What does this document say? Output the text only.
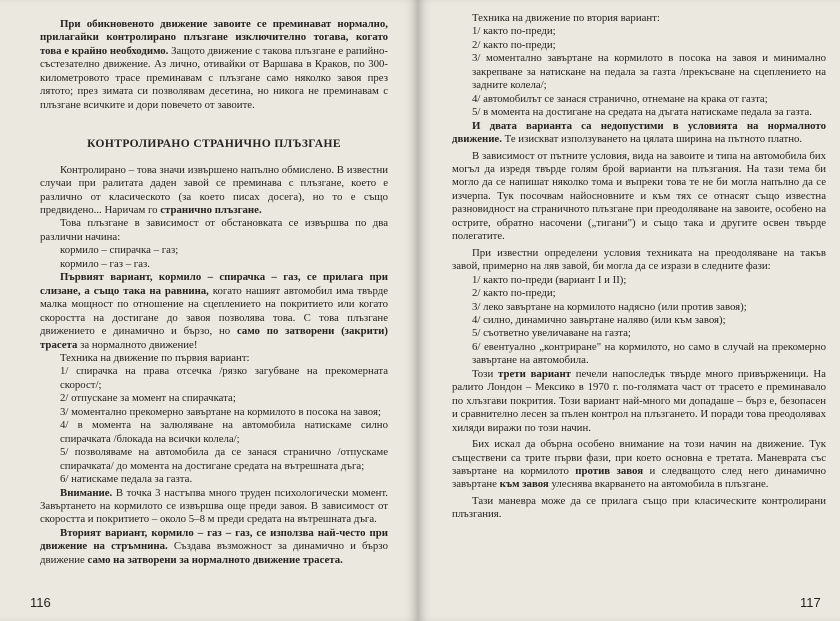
При обикновеното движение завоите се преминават нормално, прилагайки контролирано плъзгане изключително тогава, когато това е крайно необходимо. Защото движение с такова плъзгане е рапийно-състезателно движение. Аз лично, отивайки от Варшава в Краков, по 300-километровото трасе преминавам с плъзгане само няколко завоя през лятото; през зимата си позволявам десетина, но никога не преминавам с плъзгане всичките и дори повечето от завоите.

КОНТРОЛИРАНО СТРАНИЧНО ПЛЪЗГАНЕ

Контролирано – това значи извършено напълно обмислено. В известни случаи при ралитата даден завой се преминава с плъзгане, което е различно от класическото (за което писах досега), но то е също предвидено... Наричам го странично плъзгане.

Това плъзгане в зависимост от обстановката се извършва по два различни начина:

кормило – спирачка – газ;

кормило – газ – газ.

Първият вариант, кормило – спирачка – газ, се прилага при слизане, а също така на равнина, когато нашият автомобил има твърде малка мощност по отношение на сцеплението на покритието или когато скоростта на достигане до завоя позволява това. С това плъзгане движението е динамично и бързо, но само по затворени (закрити) трасета за нормалното движение!

Техника на движение по първия вариант:

1/ спирачка на права отсечка /рязко загубване на прекомерната скорост/;

2/ отпускане за момент на спирачката;

3/ моментално прекомерно завъртане на кормилото в посока на завоя;

4/ в момента на залюляване на автомобила натискаме силно спирачката /блокада на всички колела/;

5/ позволяваме на автомобила да се занася странично /отпускаме спирачката/ до момента на достигане средата на вътрешната дъга;

6/ натискаме педала за газта.

Внимание. В точка 3 настъпва много трудeн психологически момент. Завъртането на кормилото се извършва още преди завоя. В зависимост от скоростта и покритието – около 5–8 м преди средата на вътрешната дъга.

Вторият вариант, кормило – газ – газ, се използва най-често при движение на стръмнина. Създава възможност за динамично и бързо движение само на затворени за нормалното движение трасета.

116

Техника на движение по втория вариант:

1/ както по-преди;

2/ както по-преди;

3/ моментално завъртане на кормилото в посока на завоя и минимално закрепване за натискане на педала за газта /прекъсване на сцеплението на задните колела/;

4/ автомобилът се занася странично, отнемане на крака от газта;

5/ в момента на достигане на средата на дъгата натискаме педала за газта.

И двата варианта са недопустими в условията на нормалното движение. Те изискват използуването на цялата ширина на пътното платно.

В зависимост от пътните условия, вида на завоите и типа на автомобила бих могъл да изредя твърде голям брой варианти на плъзгания. На тази тема би могло да се напишат няколко тома и въпреки това те не би могла напълно да се изчерпа. Тук посочвам найосновните и към тях се отнасят също известна разновидност на страничното плъзгане при преодоляване на завоите, особено на острите, обратно насочени („тигани") и също така и другите освен твърде полегатите.

При известни определени условия техниката на преодоляване на такъв завой, примерно на ляв завой, би могла да се изрази в следните фази:

1/ както по-преди (вариант I и II);

2/ както по-преди;

3/ леко завъртане на кормилото надясно (или против завоя);

4/ силно, динамично завъртане наляво (или към завоя);

5/ съответно увеличаване на газта;

6/ евентуално „контриране" на кормилото, но само в случай на прекомерно завъртане на автомобила.

Този трети вариант печели напоследък твърде много привърженици. На ралито Лондон – Мексико в 1970 г. по-голямата част от трасето е преминавало по хлъзгави покрития. Този вариант най-много ми допадаше – бърз е, безопасен и сравнително лесен за пълен контрол на плъзгането. И поради това преодолявах хиляди виражи по този начин.

Бих искал да обърна особено внимание на този начин на движение. Тук съществени са трите първи фази, при което основна е третата. Маневрата със завъртане на кормилото против завоя и следващото след него динамично завъртане към завоя улеснява вкарването на автомобила в плъзгане.

Тази маневра може да се прилага също при класическите контролирани плъзгания.

117
